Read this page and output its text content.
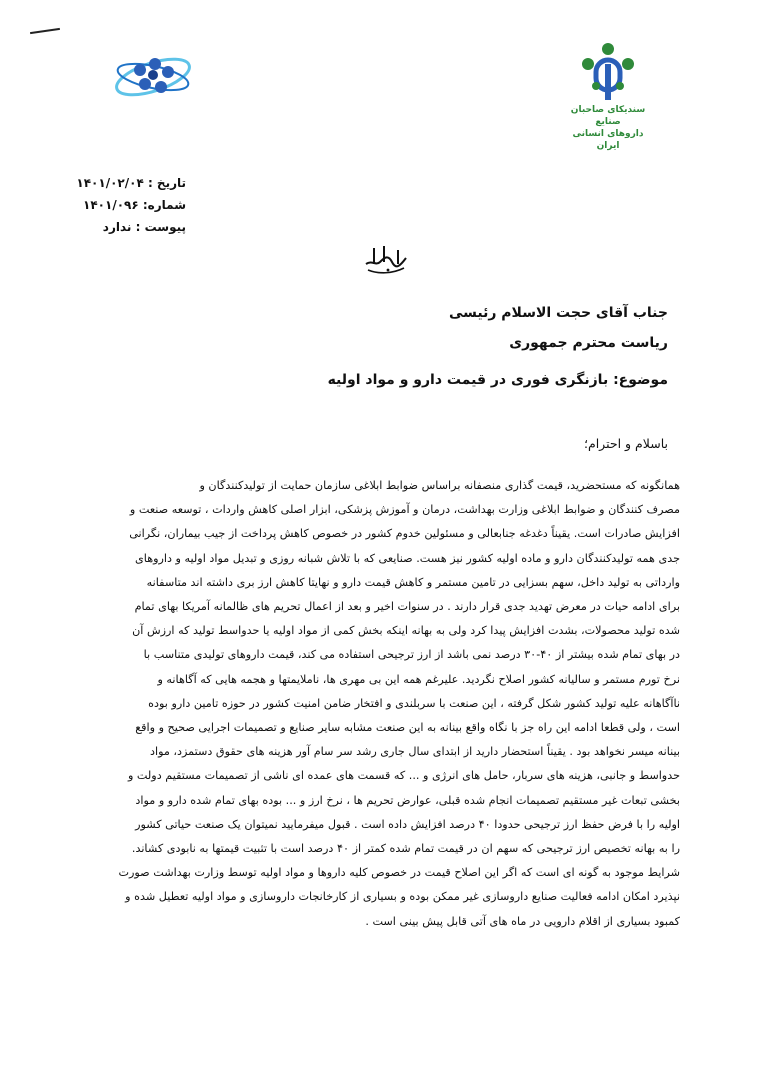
سندیکای صاحبان صنایع
داروهای انسانی ایران
تاریخ : ۱۴۰۱/۰۲/۰۴
شماره: ۱۴۰۱/۰۹۶
پیوست : ندارد
جناب آقای حجت الاسلام رئیسی
ریاست محترم جمهوری
موضوع: بازنگری فوری در قیمت دارو و مواد اولیه
باسلام و احترام؛
همانگونه که مستحضرید، قیمت گذاری منصفانه براساس ضوابط ابلاغی سازمان حمایت از تولیدکنندگان و
مصرف کنندگان و ضوابط ابلاغی وزارت بهداشت، درمان و آموزش پزشکی، ابزار اصلی کاهش واردات ، توسعه صنعت و
افزایش صادرات است. یقیناً دغدغه جنابعالی و مسئولین خدوم کشور در خصوص کاهش پرداخت از جیب بیماران، نگرانی
جدی همه تولیدکنندگان دارو و ماده اولیه کشور نیز هست. صنایعی که با تلاش شبانه روزی و تبدیل مواد اولیه و داروهای
وارداتی به تولید داخل، سهم بسزایی در تامین مستمر و کاهش قیمت دارو و نهایتا کاهش ارز بری داشته اند متاسفانه
برای ادامه حیات در معرض تهدید جدی قرار دارند . در سنوات اخیر و بعد از اعمال تحریم های ظالمانه آمریکا بهای تمام
شده تولید محصولات، بشدت افزایش پیدا کرد ولی به بهانه اینکه بخش کمی از مواد اولیه یا حدواسط تولید که ارزش آن
در بهای تمام شده بیشتر از ۴۰-۳۰ درصد نمی باشد از ارز ترجیحی استفاده می کند، قیمت داروهای تولیدی متناسب با
نرخ تورم مستمر و سالیانه کشور اصلاح نگردید. علیرغم همه این بی مهری ها، ناملایمتها و هجمه هایی که آگاهانه و
ناآگاهانه علیه تولید کشور شکل گرفته ، این صنعت با سربلندی و افتخار ضامن امنیت کشور در حوزه تامین دارو بوده
است ، ولی قطعا ادامه این راه جز با نگاه واقع بینانه به این صنعت مشابه سایر صنایع و تصمیمات اجرایی صحیح و واقع
بینانه میسر نخواهد بود . یقیناً استحضار دارید از ابتدای سال جاری رشد سر سام آور هزینه های حقوق دستمزد، مواد
حدواسط و جانبی، هزینه های سربار، حامل های انرژی و ... که قسمت های عمده ای ناشی از تصمیمات مستقیم دولت و
بخشی تبعات غیر مستقیم تصمیمات انجام شده قبلی، عوارض تحریم ها ، نرخ ارز و ... بوده بهای تمام شده دارو و مواد
اولیه را با فرض حفظ ارز ترجیحی حدودا ۴۰ درصد افزایش داده است . قبول میفرمایید نمیتوان یک صنعت حیاتی کشور
را به بهانه تخصیص ارز ترجیحی که سهم ان در قیمت تمام شده کمتر از ۴۰ درصد است با تثبیت قیمتها به نابودی کشاند.
شرایط موجود به گونه ای است که اگر این اصلاح قیمت در خصوص کلیه داروها و مواد اولیه توسط وزارت بهداشت صورت
نپذیرد امکان ادامه فعالیت صنایع داروسازی غیر ممکن بوده و بسیاری از کارخانجات داروسازی و مواد اولیه تعطیل شده و
کمبود بسیاری از اقلام دارویی در ماه های آتی قابل پیش بینی است .
